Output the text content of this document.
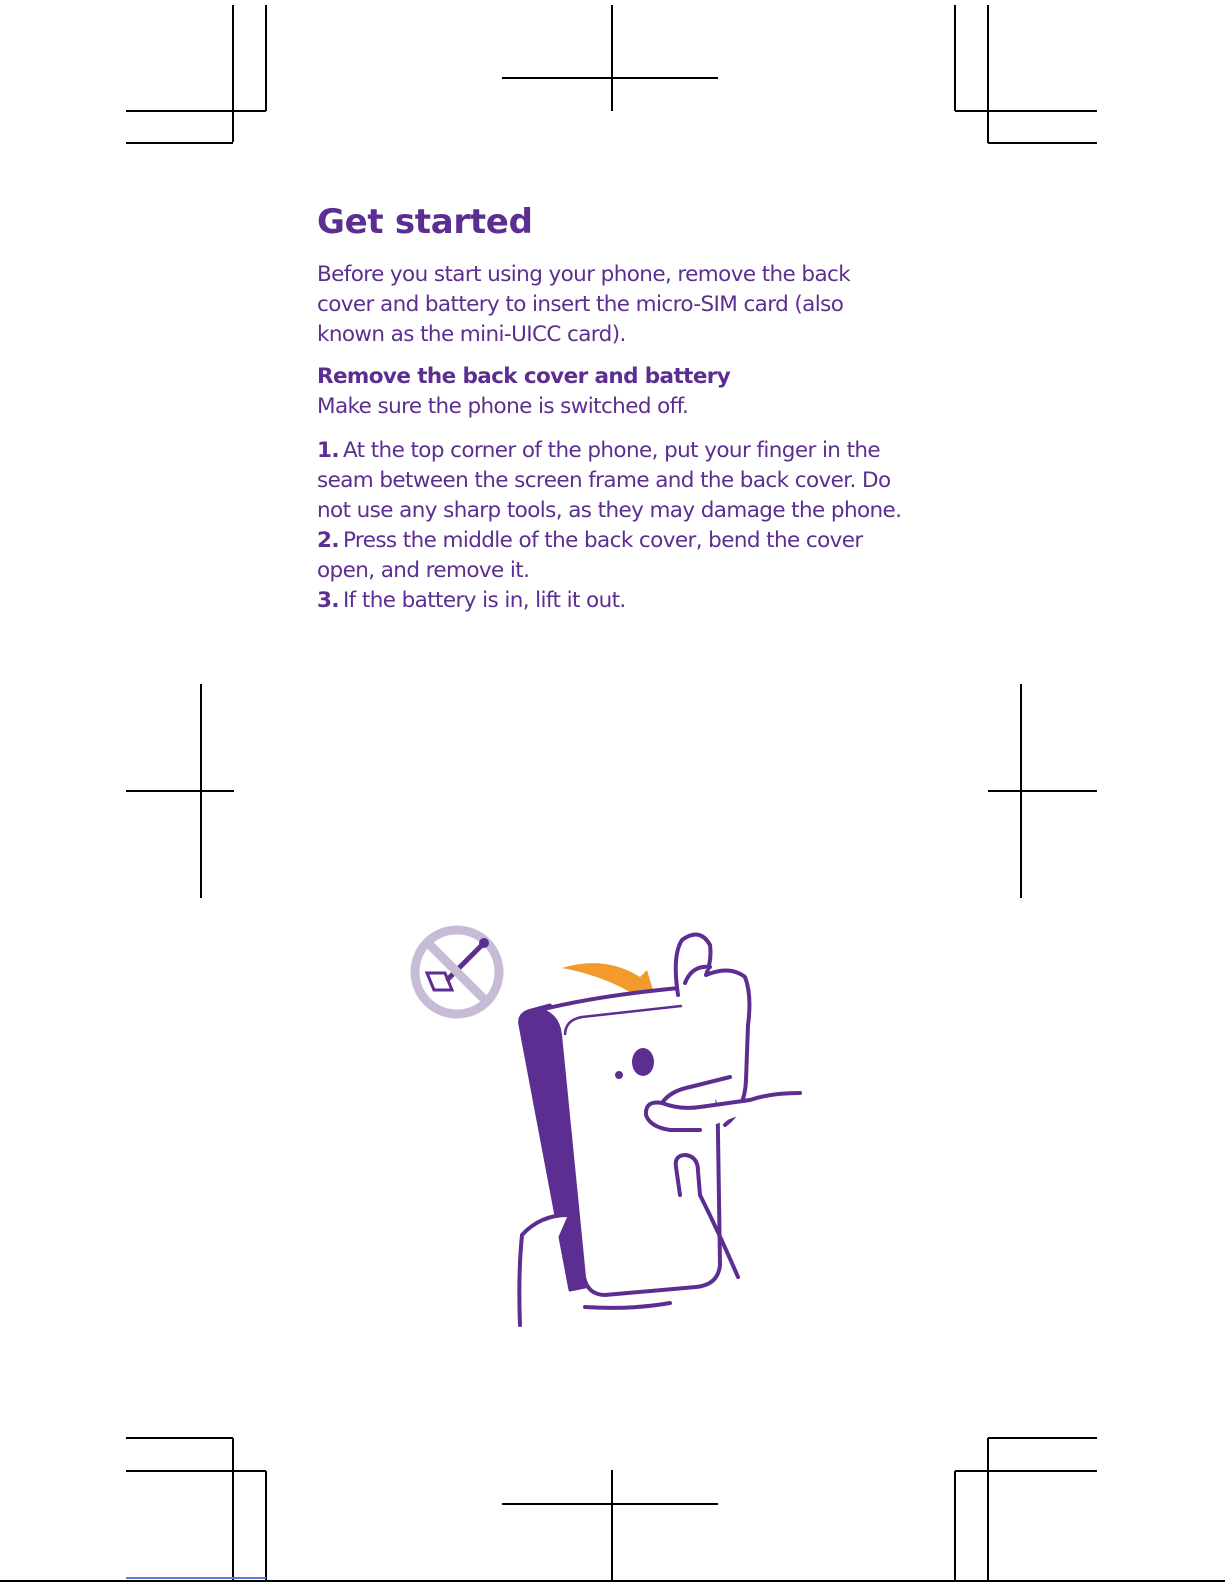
Get started

Before you start using your phone, remove the back cover and battery to insert the micro-SIM card (also known as the mini-UICC card).

Remove the back cover and battery

Make sure the phone is switched off.

1. At the top corner of the phone, put your finger in the seam between the screen frame and the back cover. Do not use any sharp tools, as they may damage the phone.
2. Press the middle of the back cover, bend the cover open, and remove it.
3. If the battery is in, lift it out.
